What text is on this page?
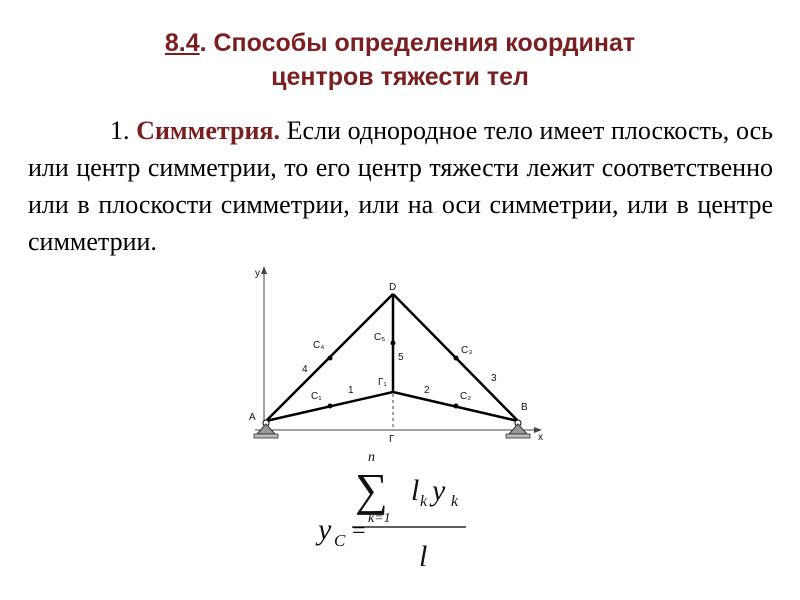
8.4. Способы определения координат
центров тяжести тел
1. Симметрия. Если однородное тело имеет плоскость, ось или центр симметрии, то его центр тяжести лежит соответственно или в плоскости симметрии, или на оси симметрии, или в центре симметрии.
y
x
A
B
D
Г
Г₁
C₁	C₂
C₃
C₄
C₅
1	2
3
4
5
y C =
n
∑
k=1
l k y k
l
